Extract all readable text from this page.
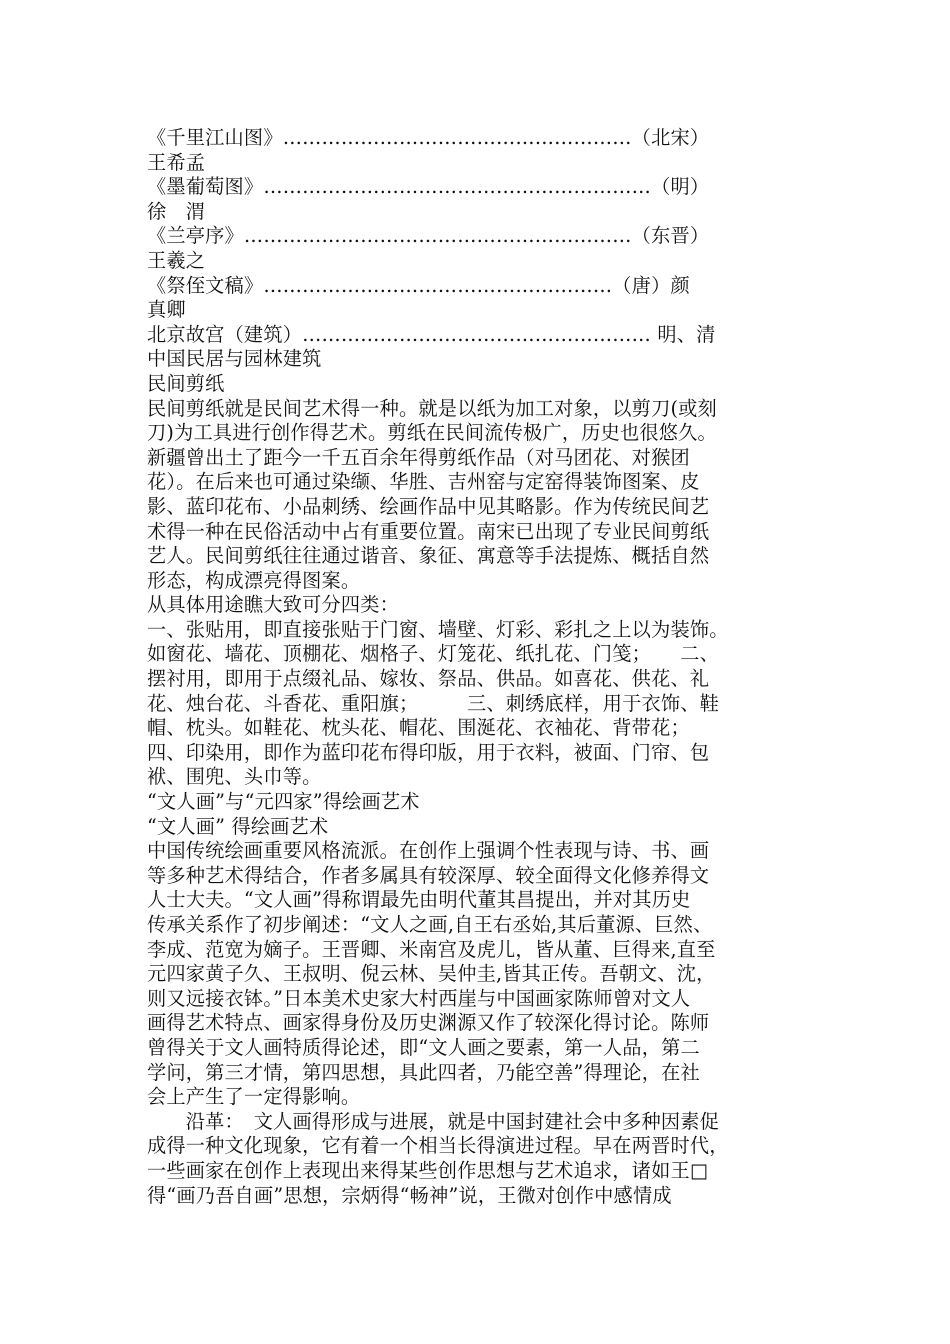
《千里江山图》………………………………………………（北宋）
王希孟
《墨葡萄图》……………………………………………………（明）
徐　渭
《兰亭序》……………………………………………………（东晋）
王羲之
《祭侄文稿》………………………………………………（唐）颜
真卿
北京故宫（建筑）……………………………………………… 明、清
中国民居与园林建筑
民间剪纸
民间剪纸就是民间艺术得一种。就是以纸为加工对象，以剪刀(或刻
刀)为工具进行创作得艺术。剪纸在民间流传极广，历史也很悠久。
新疆曾出土了距今一千五百余年得剪纸作品（对马团花、对猴团
花）。在后来也可通过染缬、华胜、吉州窑与定窑得装饰图案、皮
影、蓝印花布、小品刺绣、绘画作品中见其略影。作为传统民间艺
术得一种在民俗活动中占有重要位置。南宋已出现了专业民间剪纸
艺人。民间剪纸往往通过谐音、象征、寓意等手法提炼、概括自然
形态，构成漂亮得图案。
从具体用途瞧大致可分四类：
一、张贴用，即直接张贴于门窗、墙壁、灯彩、彩扎之上以为装饰。
如窗花、墙花、顶棚花、烟格子、灯笼花、纸扎花、门笺；　　二、
摆衬用，即用于点缀礼品、嫁妆、祭品、供品。如喜花、供花、礼
花、烛台花、斗香花、重阳旗；　　　三、刺绣底样，用于衣饰、鞋
帽、枕头。如鞋花、枕头花、帽花、围涎花、衣袖花、背带花；
四、印染用，即作为蓝印花布得印版，用于衣料，被面、门帘、包
袱、围兜、头巾等。
“文人画”与“元四家”得绘画艺术
“文人画” 得绘画艺术
中国传统绘画重要风格流派。在创作上强调个性表现与诗、书、画
等多种艺术得结合，作者多属具有较深厚、较全面得文化修养得文
人士大夫。“文人画”得称谓最先由明代董其昌提出，并对其历史
传承关系作了初步阐述：“文人之画,自王右丞始,其后董源、巨然、
李成、范宽为嫡子。王晋卿、米南宫及虎儿，皆从董、巨得来,直至
元四家黄子久、王叔明、倪云林、吴仲圭,皆其正传。吾朝文、沈，
则又远接衣钵。”日本美术史家大村西崖与中国画家陈师曾对文人
画得艺术特点、画家得身份及历史渊源又作了较深化得讨论。陈师
曾得关于文人画特质得论述，即“文人画之要素，第一人品，第二
学问，第三才情，第四思想，具此四者，乃能空善”得理论，在社
会上产生了一定得影响。
　　沿革：　文人画得形成与进展，就是中国封建社会中多种因素促
成得一种文化现象，它有着一个相当长得演进过程。早在两晋时代，
一些画家在创作上表现出来得某些创作思想与艺术追求，诸如王□
得“画乃吾自画”思想，宗炳得“畅神”说，王微对创作中感情成
